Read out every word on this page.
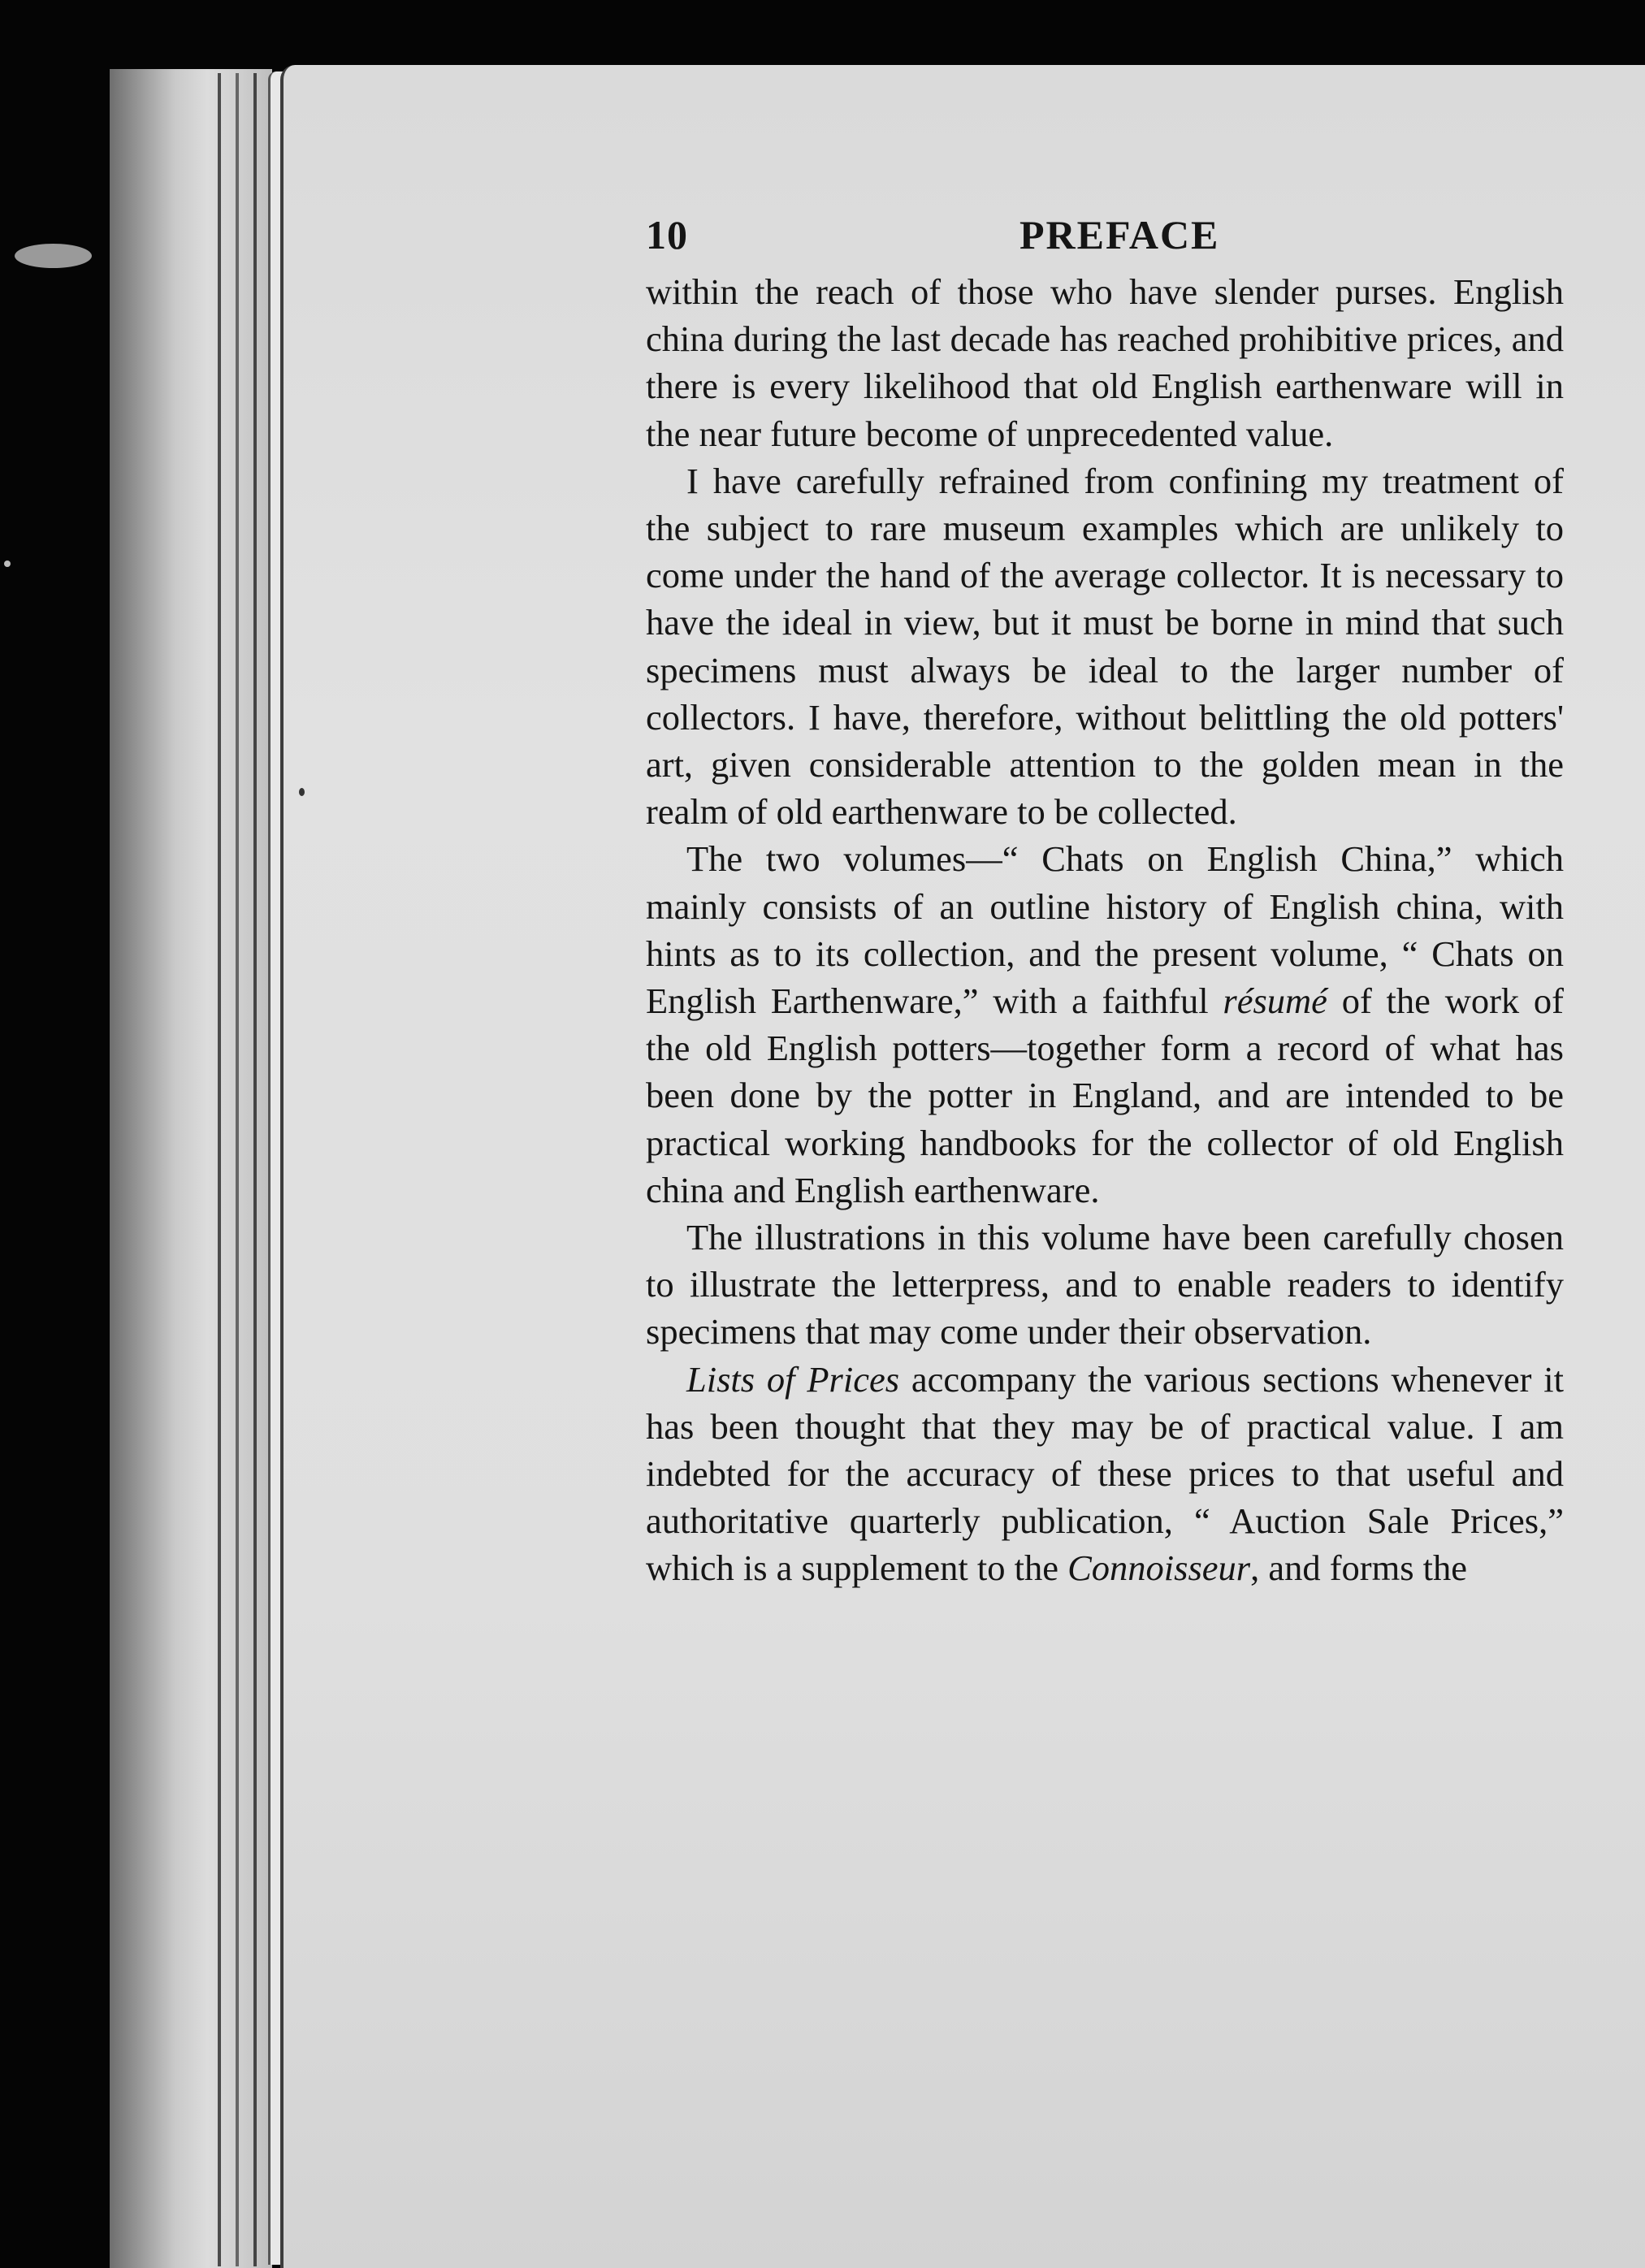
10	PREFACE

within the reach of those who have slender purses. English china during the last decade has reached prohibitive prices, and there is every likelihood that old English earthenware will in the near future become of unprecedented value.

I have carefully refrained from confining my treatment of the subject to rare museum examples which are unlikely to come under the hand of the average collector. It is necessary to have the ideal in view, but it must be borne in mind that such specimens must always be ideal to the larger number of collectors. I have, therefore, without belittling the old potters' art, given considerable attention to the golden mean in the realm of old earthenware to be collected.

The two volumes—“ Chats on English China,” which mainly consists of an outline history of English china, with hints as to its collection, and the present volume, “ Chats on English Earthenware,” with a faithful résumé of the work of the old English potters—together form a record of what has been done by the potter in England, and are intended to be practical working handbooks for the collector of old English china and English earthenware.

The illustrations in this volume have been carefully chosen to illustrate the letterpress, and to enable readers to identify specimens that may come under their observation.

Lists of Prices accompany the various sections whenever it has been thought that they may be of practical value. I am indebted for the accuracy of these prices to that useful and authoritative quarterly publication, “ Auction Sale Prices,” which is a supplement to the Connoisseur, and forms the
